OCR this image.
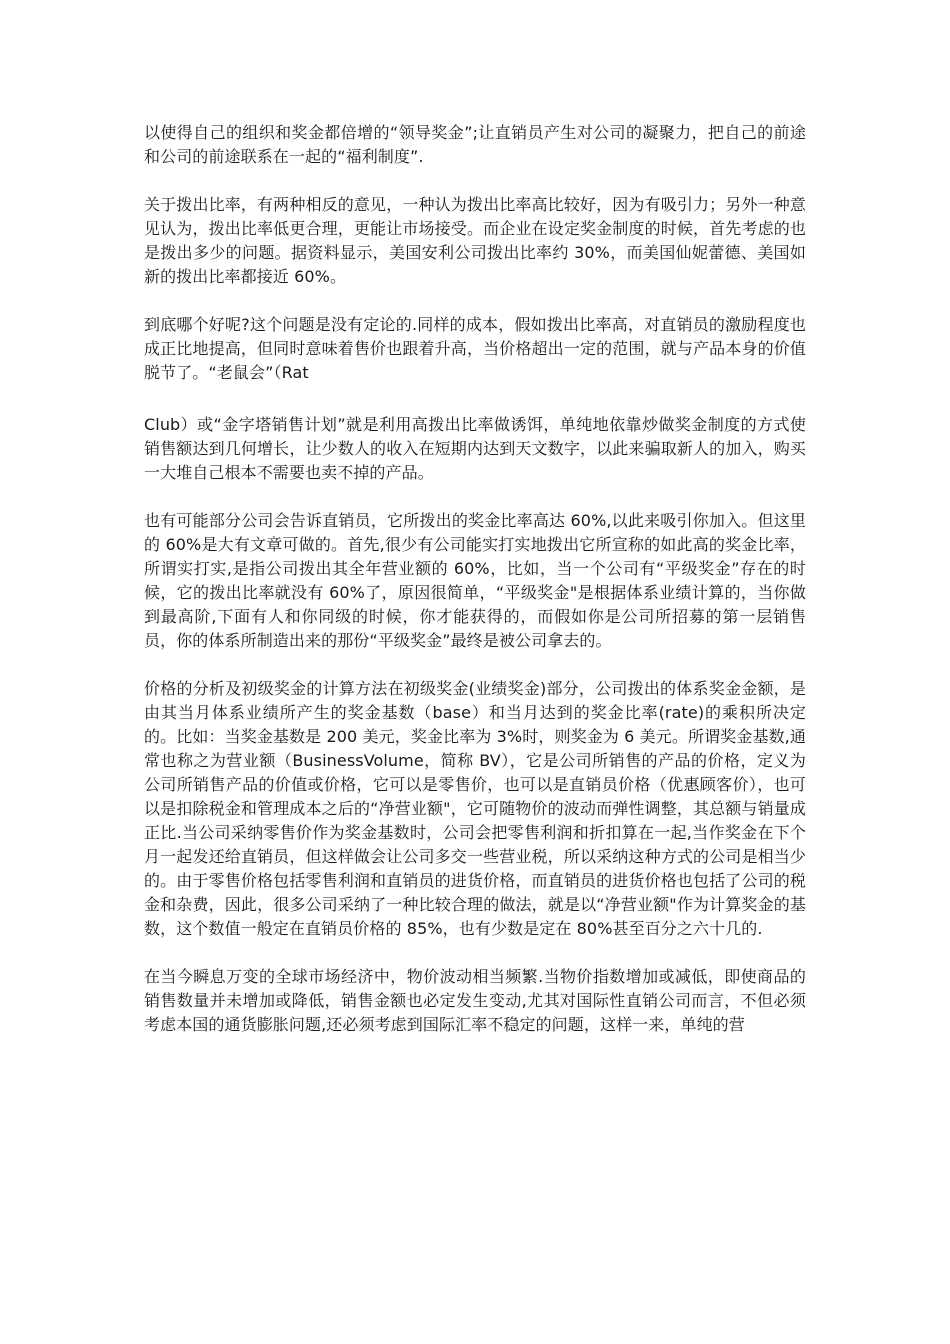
以使得自己的组织和奖金都倍增的“领导奖金”;让直销员产生对公司的凝聚力，把自己的前途和公司的前途联系在一起的“福利制度”.

关于拨出比率，有两种相反的意见，一种认为拨出比率高比较好，因为有吸引力；另外一种意见认为，拨出比率低更合理，更能让市场接受。而企业在设定奖金制度的时候，首先考虑的也是拨出多少的问题。据资料显示，美国安利公司拨出比率约 30%，而美国仙妮蕾德、美国如新的拨出比率都接近 60%。

到底哪个好呢?这个问题是没有定论的.同样的成本，假如拨出比率高，对直销员的激励程度也成正比地提高，但同时意味着售价也跟着升高，当价格超出一定的范围，就与产品本身的价值脱节了。“老鼠会”（Rat

Club）或“金字塔销售计划”就是利用高拨出比率做诱饵，单纯地依靠炒做奖金制度的方式使销售额达到几何增长，让少数人的收入在短期内达到天文数字，以此来骗取新人的加入，购买一大堆自己根本不需要也卖不掉的产品。

也有可能部分公司会告诉直销员，它所拨出的奖金比率高达 60%,以此来吸引你加入。但这里的 60%是大有文章可做的。首先,很少有公司能实打实地拨出它所宣称的如此高的奖金比率，所谓实打实,是指公司拨出其全年营业额的 60%，比如，当一个公司有“平级奖金”存在的时候，它的拨出比率就没有 60%了，原因很简单，“平级奖金"是根据体系业绩计算的，当你做到最高阶,下面有人和你同级的时候，你才能获得的，而假如你是公司所招募的第一层销售员，你的体系所制造出来的那份“平级奖金”最终是被公司拿去的。

价格的分析及初级奖金的计算方法在初级奖金(业绩奖金)部分，公司拨出的体系奖金金额，是由其当月体系业绩所产生的奖金基数（base）和当月达到的奖金比率(rate)的乘积所决定的。比如：当奖金基数是 200 美元，奖金比率为 3%时，则奖金为 6 美元。所谓奖金基数,通常也称之为营业额（BusinessVolume，简称 BV），它是公司所销售的产品的价格，定义为公司所销售产品的价值或价格，它可以是零售价，也可以是直销员价格（优惠顾客价），也可以是扣除税金和管理成本之后的“净营业额"，它可随物价的波动而弹性调整，其总额与销量成正比.当公司采纳零售价作为奖金基数时，公司会把零售利润和折扣算在一起,当作奖金在下个月一起发还给直销员，但这样做会让公司多交一些营业税，所以采纳这种方式的公司是相当少的。由于零售价格包括零售利润和直销员的进货价格，而直销员的进货价格也包括了公司的税金和杂费，因此，很多公司采纳了一种比较合理的做法，就是以“净营业额"作为计算奖金的基数，这个数值一般定在直销员价格的 85%，也有少数是定在 80%甚至百分之六十几的.

在当今瞬息万变的全球市场经济中，物价波动相当频繁.当物价指数增加或减低，即使商品的销售数量并未增加或降低，销售金额也必定发生变动,尤其对国际性直销公司而言，不但必须考虑本国的通货膨胀问题,还必须考虑到国际汇率不稳定的问题，这样一来，单纯的营
